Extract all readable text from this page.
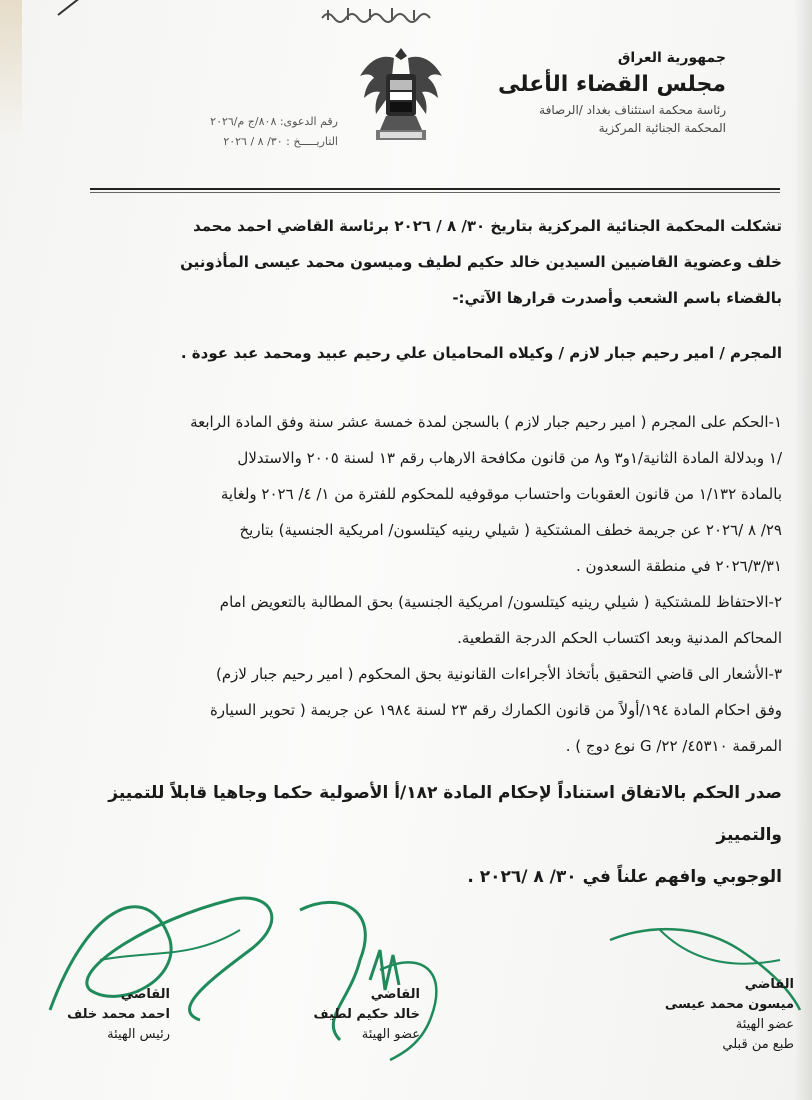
جمهورية العراق
مجلس القضاء الأعلى
رئاسة محكمة استئناف بغداد /الرصافة
المحكمة الجنائية المركزية
رقم الدعوى: ٨٠٨/ج م/٢٠٢٦
التاريـــــخ : ٣٠/ ٨ / ٢٠٢٦

تشكلت المحكمة الجنائية المركزية بتاريخ ٣٠/ ٨ / ٢٠٢٦ برئاسة القاضي احمد محمد

خلف وعضوية القاضيين السيدين خالد حكيم لطيف وميسون محمد عيسى المأذونين

بالقضاء باسم الشعب وأصدرت قرارها الآتي:-

المجرم / امير رحيم جبار لازم / وكيلاه المحاميان علي رحيم عبيد ومحمد عبد عودة .

١-الحكم على المجرم ( امير رحيم جبار لازم ) بالسجن لمدة خمسة عشر سنة وفق المادة الرابعة

/١ وبدلالة المادة الثانية/١و٣ و٨ من قانون مكافحة الارهاب رقم ١٣ لسنة ٢٠٠٥ والاستدلال

بالمادة ١/١٣٢ من قانون العقوبات واحتساب موقوفيه للمحكوم للفترة من ١/ ٤/ ٢٠٢٦ ولغاية

٢٩/ ٨ /٢٠٢٦ عن جريمة خطف المشتكية ( شيلي رينيه كيتلسون/ امريكية الجنسية) بتاريخ

٢٠٢٦/٣/٣١ في منطقة السعدون .

٢-الاحتفاظ للمشتكية ( شيلي رينيه كيتلسون/ امريكية الجنسية) بحق المطالبة بالتعويض امام

المحاكم المدنية وبعد اكتساب الحكم الدرجة القطعية.

٣-الأشعار الى قاضي التحقيق بأتخاذ الأجراءات القانونية بحق المحكوم ( امير رحيم جبار لازم)

وفق احكام المادة ١٩٤/أولاً من قانون الكمارك رقم ٢٣ لسنة ١٩٨٤ عن جريمة ( تحوير السيارة

المرقمة ٤٥٣١٠/ ٢٢/ G نوع دوج ) .

صدر الحكم بالاتفاق استناداً لإحكام المادة ١٨٢/أ الأصولية حكما وجاهيا قابلاً للتمييز والتمييز

الوجوبي وافهم علناً في ٣٠/ ٨ /٢٠٢٦ .

القاضي
احمد محمد خلف
رئيس الهيئة
القاضي
خالد حكيم لطيف
عضو الهيئة
القاضي
ميسون محمد عيسى
عضو الهيئة
طبع من قبلي
